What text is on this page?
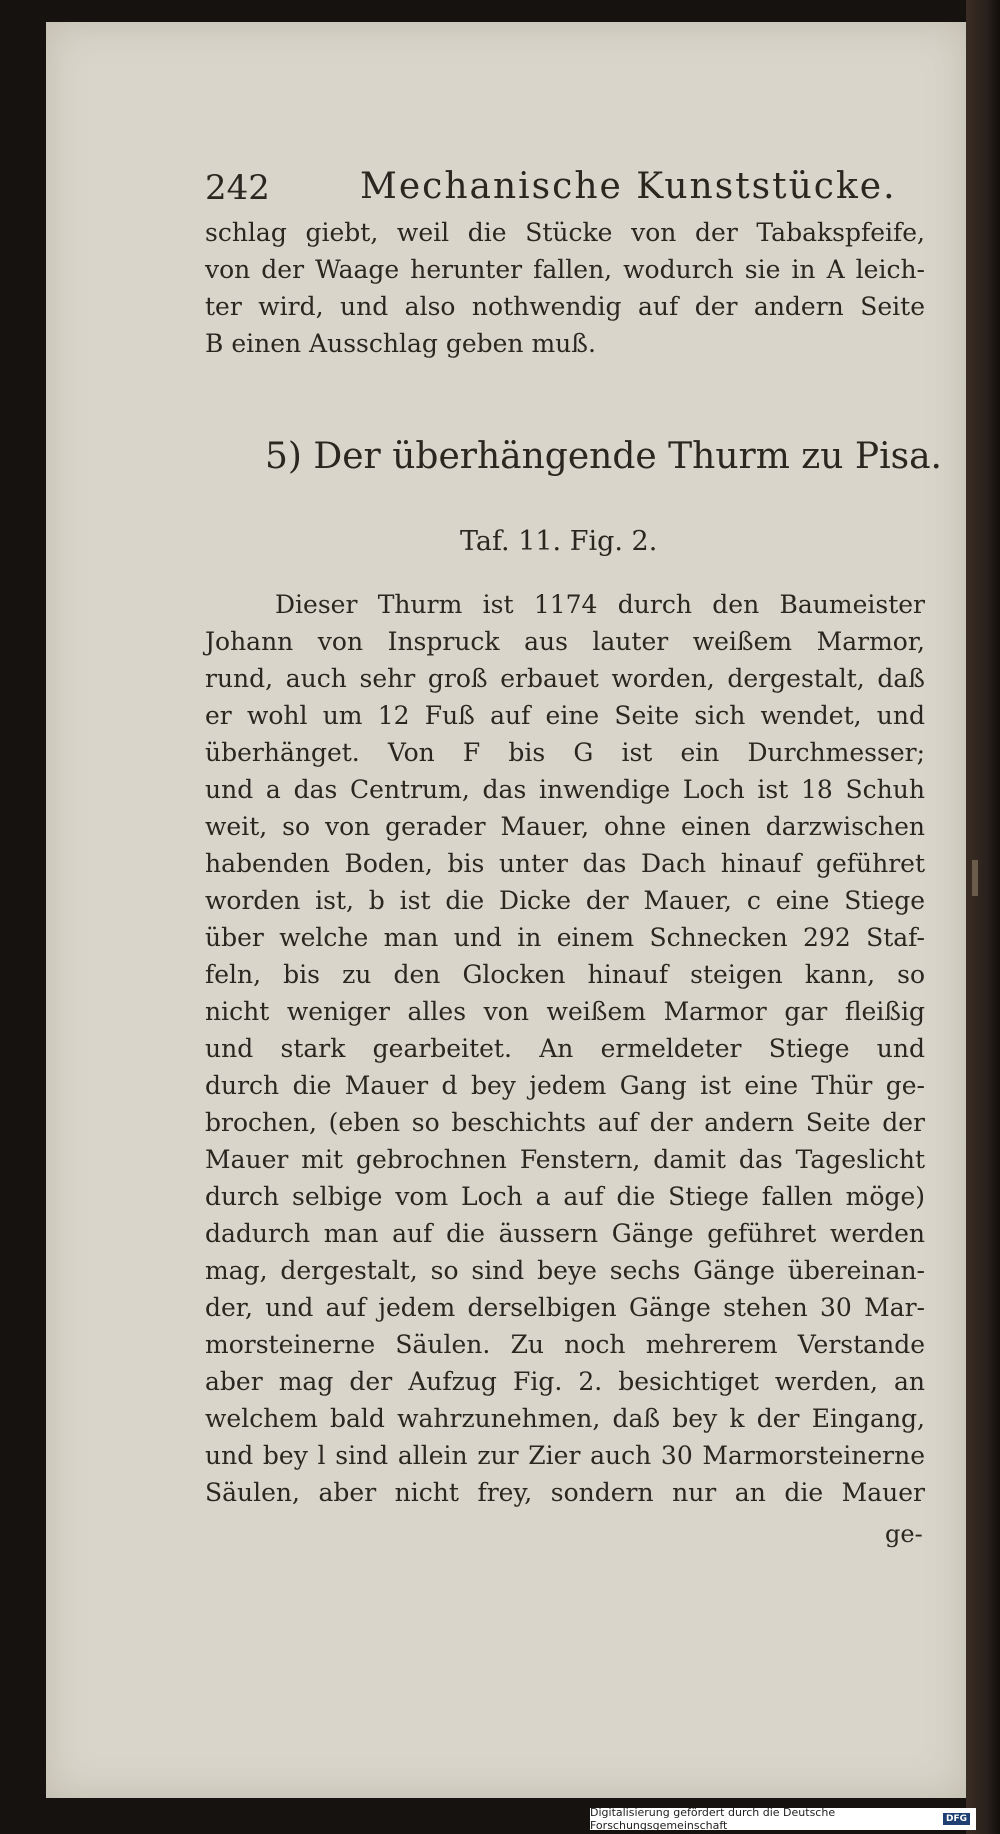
242	Mechanische Kunststücke.
schlag giebt, weil die Stücke von der Tabakspfeife,
von der Waage herunter fallen, wodurch sie in A leich-
ter wird, und also nothwendig auf der andern Seite
B einen Ausschlag geben muß.
5) Der überhängende Thurm zu Pisa.
Taf. 11. Fig. 2.
Dieser Thurm ist 1174 durch den Baumeister
Johann von Inspruck aus lauter weißem Marmor,
rund, auch sehr groß erbauet worden, dergestalt, daß
er wohl um 12 Fuß auf eine Seite sich wendet, und
überhänget. Von F bis G ist ein Durchmesser;
und a das Centrum, das inwendige Loch ist 18 Schuh
weit, so von gerader Mauer, ohne einen darzwischen
habenden Boden, bis unter das Dach hinauf geführet
worden ist, b ist die Dicke der Mauer, c eine Stiege
über welche man und in einem Schnecken 292 Staf-
feln, bis zu den Glocken hinauf steigen kann, so
nicht weniger alles von weißem Marmor gar fleißig
und stark gearbeitet. An ermeldeter Stiege und
durch die Mauer d bey jedem Gang ist eine Thür ge-
brochen, (eben so beschichts auf der andern Seite der
Mauer mit gebrochnen Fenstern, damit das Tageslicht
durch selbige vom Loch a auf die Stiege fallen möge)
dadurch man auf die äussern Gänge geführet werden
mag, dergestalt, so sind beye sechs Gänge übereinan-
der, und auf jedem derselbigen Gänge stehen 30 Mar-
morsteinerne Säulen. Zu noch mehrerem Verstande
aber mag der Aufzug Fig. 2. besichtiget werden, an
welchem bald wahrzunehmen, daß bey k der Eingang,
und bey l sind allein zur Zier auch 30 Marmorsteinerne
Säulen, aber nicht frey, sondern nur an die Mauer
ge-
Digitalisierung gefördert durch die Deutsche Forschungsgemeinschaft	DFG
